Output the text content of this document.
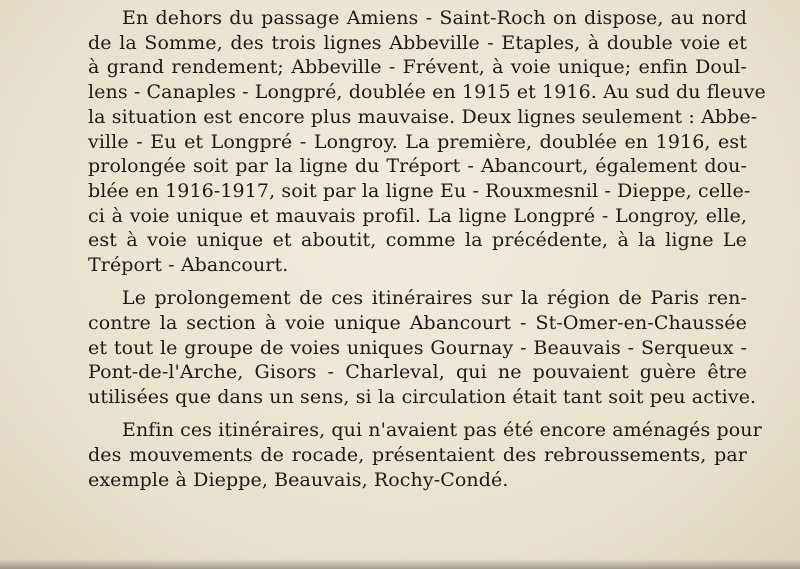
En dehors du passage Amiens - Saint-Roch on dispose, au nord
de la Somme, des trois lignes Abbeville - Etaples, à double voie et
à grand rendement; Abbeville - Frévent, à voie unique; enfin Doul-
lens - Canaples - Longpré, doublée en 1915 et 1916. Au sud du fleuve
la situation est encore plus mauvaise. Deux lignes seulement : Abbe-
ville - Eu et Longpré - Longroy. La première, doublée en 1916, est
prolongée soit par la ligne du Tréport - Abancourt, également dou-
blée en 1916-1917, soit par la ligne Eu - Rouxmesnil - Dieppe, celle-
ci à voie unique et mauvais profil. La ligne Longpré - Longroy, elle,
est à voie unique et aboutit, comme la précédente, à la ligne Le
Tréport - Abancourt.
Le prolongement de ces itinéraires sur la région de Paris ren-
contre la section à voie unique Abancourt - St-Omer-en-Chaussée
et tout le groupe de voies uniques Gournay - Beauvais - Serqueux -
Pont-de-l'Arche, Gisors - Charleval, qui ne pouvaient guère être
utilisées que dans un sens, si la circulation était tant soit peu active.
Enfin ces itinéraires, qui n'avaient pas été encore aménagés pour
des mouvements de rocade, présentaient des rebroussements, par
exemple à Dieppe, Beauvais, Rochy-Condé.
